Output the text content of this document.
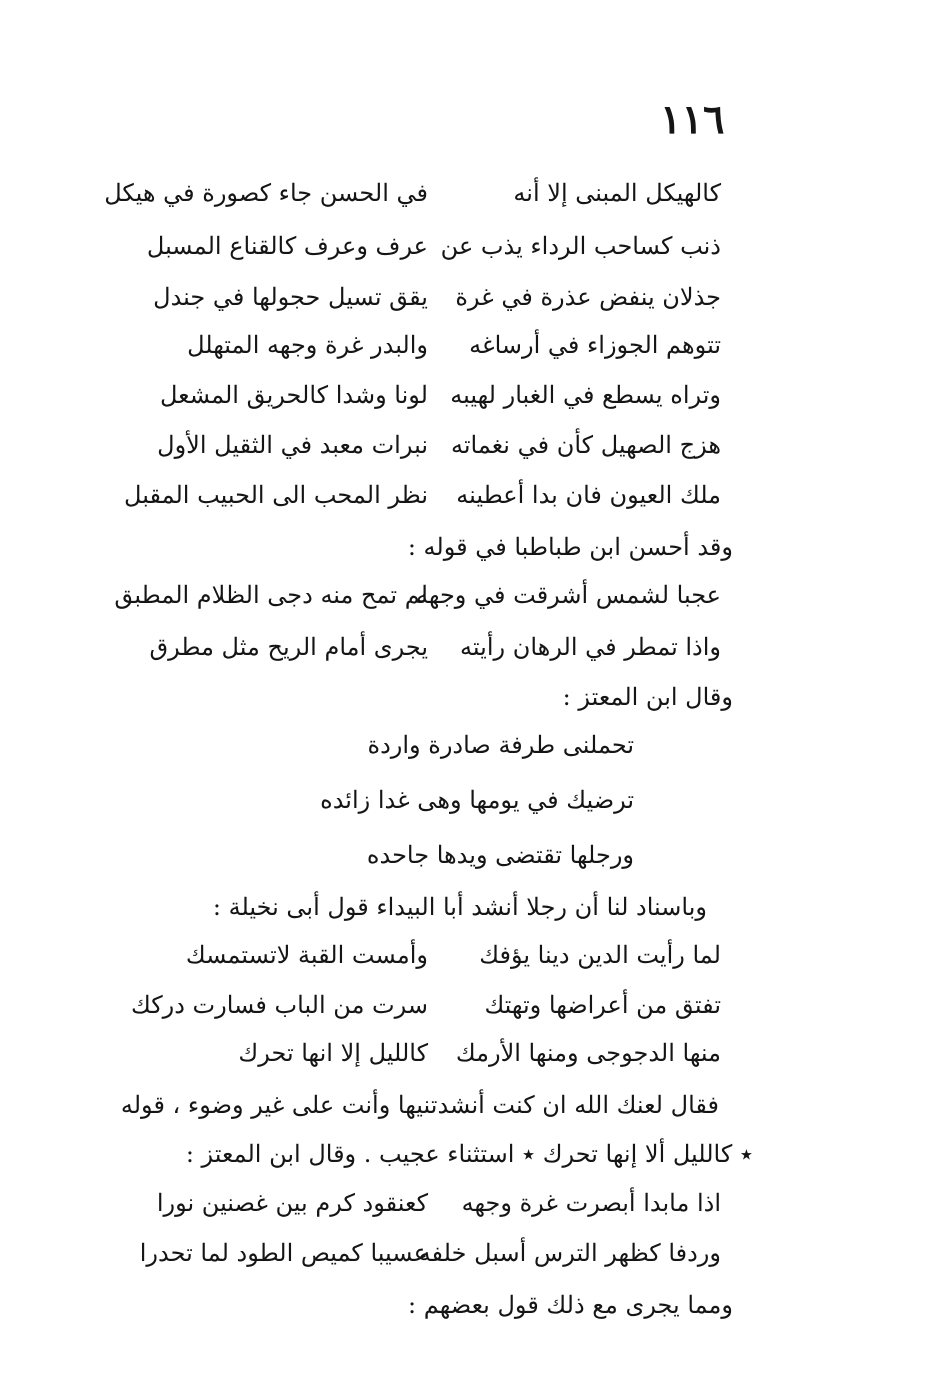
١١٦
كالهيكل المبنى إلا أنه
في الحسن جاء كصورة في هيكل
ذنب كساحب الرداء يذب عن
عرف وعرف كالقناع المسبل
جذلان ينفض عذرة في غرة
يقق تسيل حجولها في جندل
تتوهم الجوزاء في أرساغه
والبدر غرة وجهه المتهلل
وتراه يسطع في الغبار لهيبه
لونا وشدا كالحريق المشعل
هزج الصهيل كأن في نغماته
نبرات معبد في الثقيل الأول
ملك العيون فان بدا أعطينه
نظر المحب الى الحبيب المقبل
وقد أحسن ابن طباطبا في قوله :
عجبا لشمس أشرقت في وجهه
لم تمح منه دجى الظلام المطبق
واذا تمطر في الرهان رأيته
يجرى أمام الريح مثل مطرق
وقال ابن المعتز :
تحملنى طرفة صادرة واردة
ترضيك في يومها وهى غدا زائده
ورجلها تقتضى ويدها جاحده
وباسناد لنا أن رجلا أنشد أبا البيداء قول أبى نخيلة :
لما رأيت الدين دينا يؤفك
وأمست القبة لاتستمسك
تفتق من أعراضها وتهتك
سرت من الباب فسارت دركك
منها الدجوجى ومنها الأرمك
كالليل إلا انها تحرك
فقال لعنك الله ان كنت أنشدتنيها وأنت على غير وضوء ، قوله
٭ كالليل ألا إنها تحرك ٭ استثناء عجيب . وقال ابن المعتز :
اذا مابدا أبصرت غرة وجهه
كعنقود كرم بين غصنين نورا
وردفا كظهر الترس أسبل خلفه
عسيبا كميص الطود لما تحدرا
ومما يجرى مع ذلك قول بعضهم :
